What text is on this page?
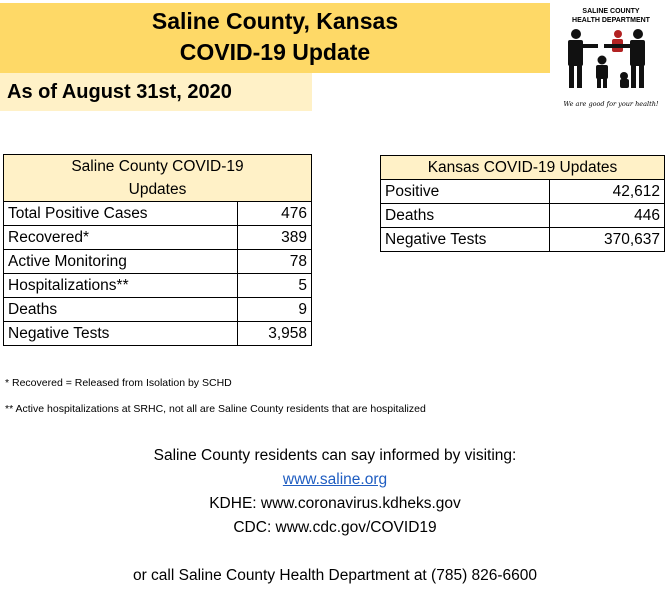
Saline County, Kansas
COVID-19 Update
As of August 31st, 2020
SALINE COUNTY
HEALTH DEPARTMENT
We are good for your health!
Saline County COVID-19
Updates	

Total Positive Cases	476
Recovered*	389
Active Monitoring	78
Hospitalizations**	5
Deaths	9
Negative Tests	3,958
Kansas COVID-19 Updates	
Positive	42,612
Deaths	446
Negative Tests	370,637
* Recovered = Released from Isolation by SCHD
** Active hospitalizations at SRHC, not all are Saline County residents that are hospitalized
Saline County residents can say informed by visiting:
www.saline.org
KDHE: www.coronavirus.kdheks.gov
CDC: www.cdc.gov/COVID19
or call Saline County Health Department at (785) 826-6600
